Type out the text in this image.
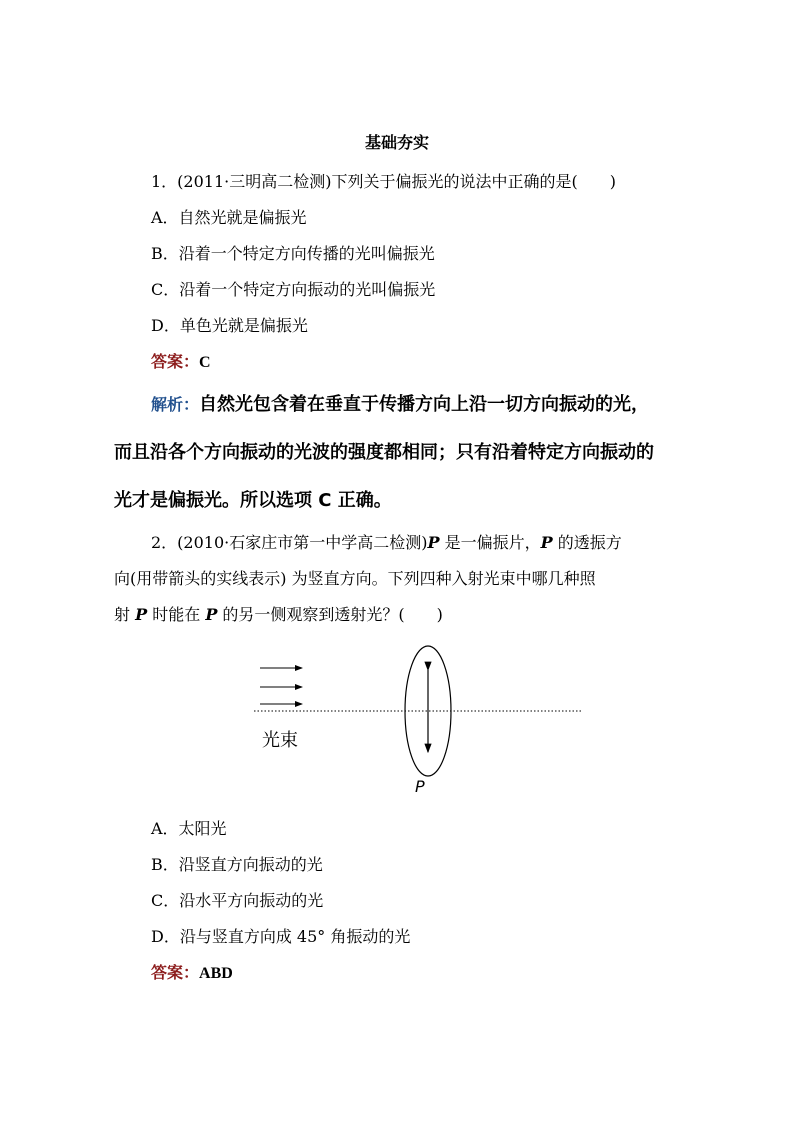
基础夯实
1．(2011·三明高二检测)下列关于偏振光的说法中正确的是(　　)
A．自然光就是偏振光
B．沿着一个特定方向传播的光叫偏振光
C．沿着一个特定方向振动的光叫偏振光
D．单色光就是偏振光
答案：C
解析：自然光包含着在垂直于传播方向上沿一切方向振动的光，
而且沿各个方向振动的光波的强度都相同；只有沿着特定方向振动的
光才是偏振光。所以选项 C 正确。
2．(2010·石家庄市第一中学高二检测)P 是一偏振片，P 的透振方
向(用带箭头的实线表示) 为竖直方向。下列四种入射光束中哪几种照
射 P 时能在 P 的另一侧观察到透射光？(　　)
光束
P
A．太阳光
B．沿竖直方向振动的光
C．沿水平方向振动的光
D．沿与竖直方向成 45° 角振动的光
答案：ABD
